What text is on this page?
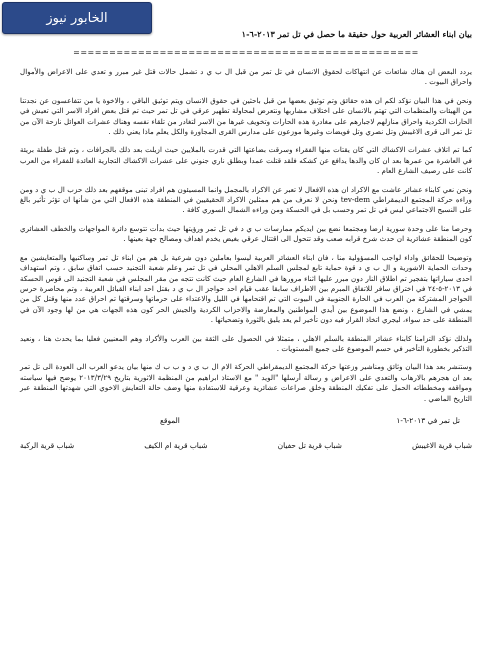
الخابور نيوز
بيان ابناء العشائر العربية حول حقيقة ما حصل في تل تمر ٢٠١٣-٦-١
================================================

يردد البعض ان هناك شائعات عن انتهاكات لحقوق الانسان في تل تمر من قبل ال ب ي د تشمل حالات قتل غير مبرر و تعدي على الاعراض والأموال واحراق البيوت .

ونحن في هذا البيان نؤكد لكم ان هذه حقائق وتم توثيق بعضها من قبل باحثين في حقوق الانسان ويتم توثيق الباقي ، والاخوة يا من تتفاعسون عن نجدتنا من الهيئات والمنظمات التي تهتم بالانسان على اختلاف مشاربها ونتعرض لمحاولة تطهير عرقي في تل تمر حيث تم قتل بعض افراد الاسر التي تعيش في الحارات الكردية واحراق منازلهم لاجبارهم على مغادرة هذه الحارات وتخويف غيرها من الاسر لتغادر من تلقاء نفسه وهناك عشرات العوائل نازحة الآن من تل تمر الى قرى الاغيبش وتل نصري وتل فويضات وغيرها موزعون على مدارس القرى المجاورة والكل يعلم ماذا يعني ذلك .

كما تم اتلاف عشرات الاكشاك التي كان يقتات منها الفقراء وسرقت بضاعتها التي قدرت بالملايين حيث ازيلت بعد ذلك بالجرافات ، وتم قتل طفلة بريئة في العاشرة من عمرها بعد ان كان والدها يدافع عن كشكه فلقد قتلت عمدا وبطلق ناري جنوني على عشرات الاكشاك التجارية العائدة للفقراء من العرب كانت على رصيف الشارع العام .

ونحن نعي كابناء عشائر عاشت مع الاكراد ان هذه الافعال لا تعبر عن الاكراد بالمجمل وانما المسيئون هم افراد تبنى موقفهم بعد ذلك حزب ال ب ي د ومن وراءه حركة المجتمع الديمقراطي tev-dem ونحن لا نعرف من هم ممثلين الاكراد الحقيقيين في المنطقة هذه الافعال التي من شأنها ان تؤثر تأثير بالغ على النسيج الاجتماعي ليس في تل تمر وحسب بل في الحسكة ومن وراءه الشمال السوري كافة .

وحرصا منا على وحدة سورية ارضا ومجتمعا نضع بين ايديكم ممارسات ب ي د في تل تمر ورؤيتها حيث بدأت تتوسع دائرة المواجهات والخطف العشائري كون المنطقة عشائرية ان حدث شرخ قرابه صعب وقد تتحول الى اقتتال عرقي بغيض يخدم اهداف ومصالح جهة بعينها .

وتوضيحا للحقائق واداء لواجب المسؤولية منا ، فان ابناء العشائر العربية ليسوا بعاملين دون شرعية بل هم من ابناء تل تمر وساكنيها والمتعايشين مع وحدات الحماية الاشورية و ال ب ي د قوة حماية تابع لمجلس السلم الاهلي المحلي في تل تمر وعلم شعبة التجنيد حسب اتفاق سابق ، وتم استهداف احدى سياراتها بتفجير تم اطلاق النار دون مبرر عليها اثناء مرورها في الشارع العام حيث كانت تتجه من مقر المجلس في شعبة التجنيد الى قوس الحسكة في ٢٠١٣-٥-٢٤ في اختراق سافر للاتفاق المبرم بين الاطراف سابقا عقب قيام احد حواجز ال ب ي د بقتل احد ابناء القبائل العربية ، وتم محاصرة حرس الحواجز المشتركة من العرب في الحارة الجنوبية في البيوت التي تم اقتحامها في الليل والاعتداء على حرماتها وسرقتها تم احراق عدد منها وقتل كل من يمشي في الشارع ، ونضع هذا الموضوع بين أيدي المواطنين والمعارضة والاحزاب الكردية والجيش الحر كون هذه الجهات هي من لها وجود الآن في المنطقة على حد سواء، ليجري اتخاذ القرار فيه دون تأخير لم يعد يليق بالثورة وتضحياتها .

ولذلك نؤكد التزامنا كابناء عشائر المنطقة بالسلم الاهلي ، متمثلا في الحصول على الثقة بين العرب والأكراد وهم المعنيين فعليا بما يحدث هنا ، ونعيد التذكير بخطورة التأخير في حسم الموضوع على جميع المستويات .

وستنشر بعد هذا البيان وثائق ومناشير وزعتها حركة المجتمع الديمقراطي الحركة الام ال ب ي د و ب ب ك منها بيان يدعو العرب الى العودة الى تل تمر بعد ان هجرهم بالارهاب والتعدي على الاعراض و رسالة أرسلها "الويد " مع الاستاذ ابراهيم من المنظمة الاثورية بتاريخ ٢٠١٣/٣/٢٩ يوضح فيها سياسته ومواقفه ومخططاته الحمل على تفكيك المنطقة وخلق صراعات عشائرية وعرقية للاستفادة منها وضف حالة التعايش الاخوي التي شهدتها المنطقة عبر التاريخ الماضي .

تل تمر في ٢٠١٣-٦-١
الموقع
شباب قرية الاغيبش
شباب قرية تل حفيان
شباب قرية ام الكيف
شباب قرية الركبة
